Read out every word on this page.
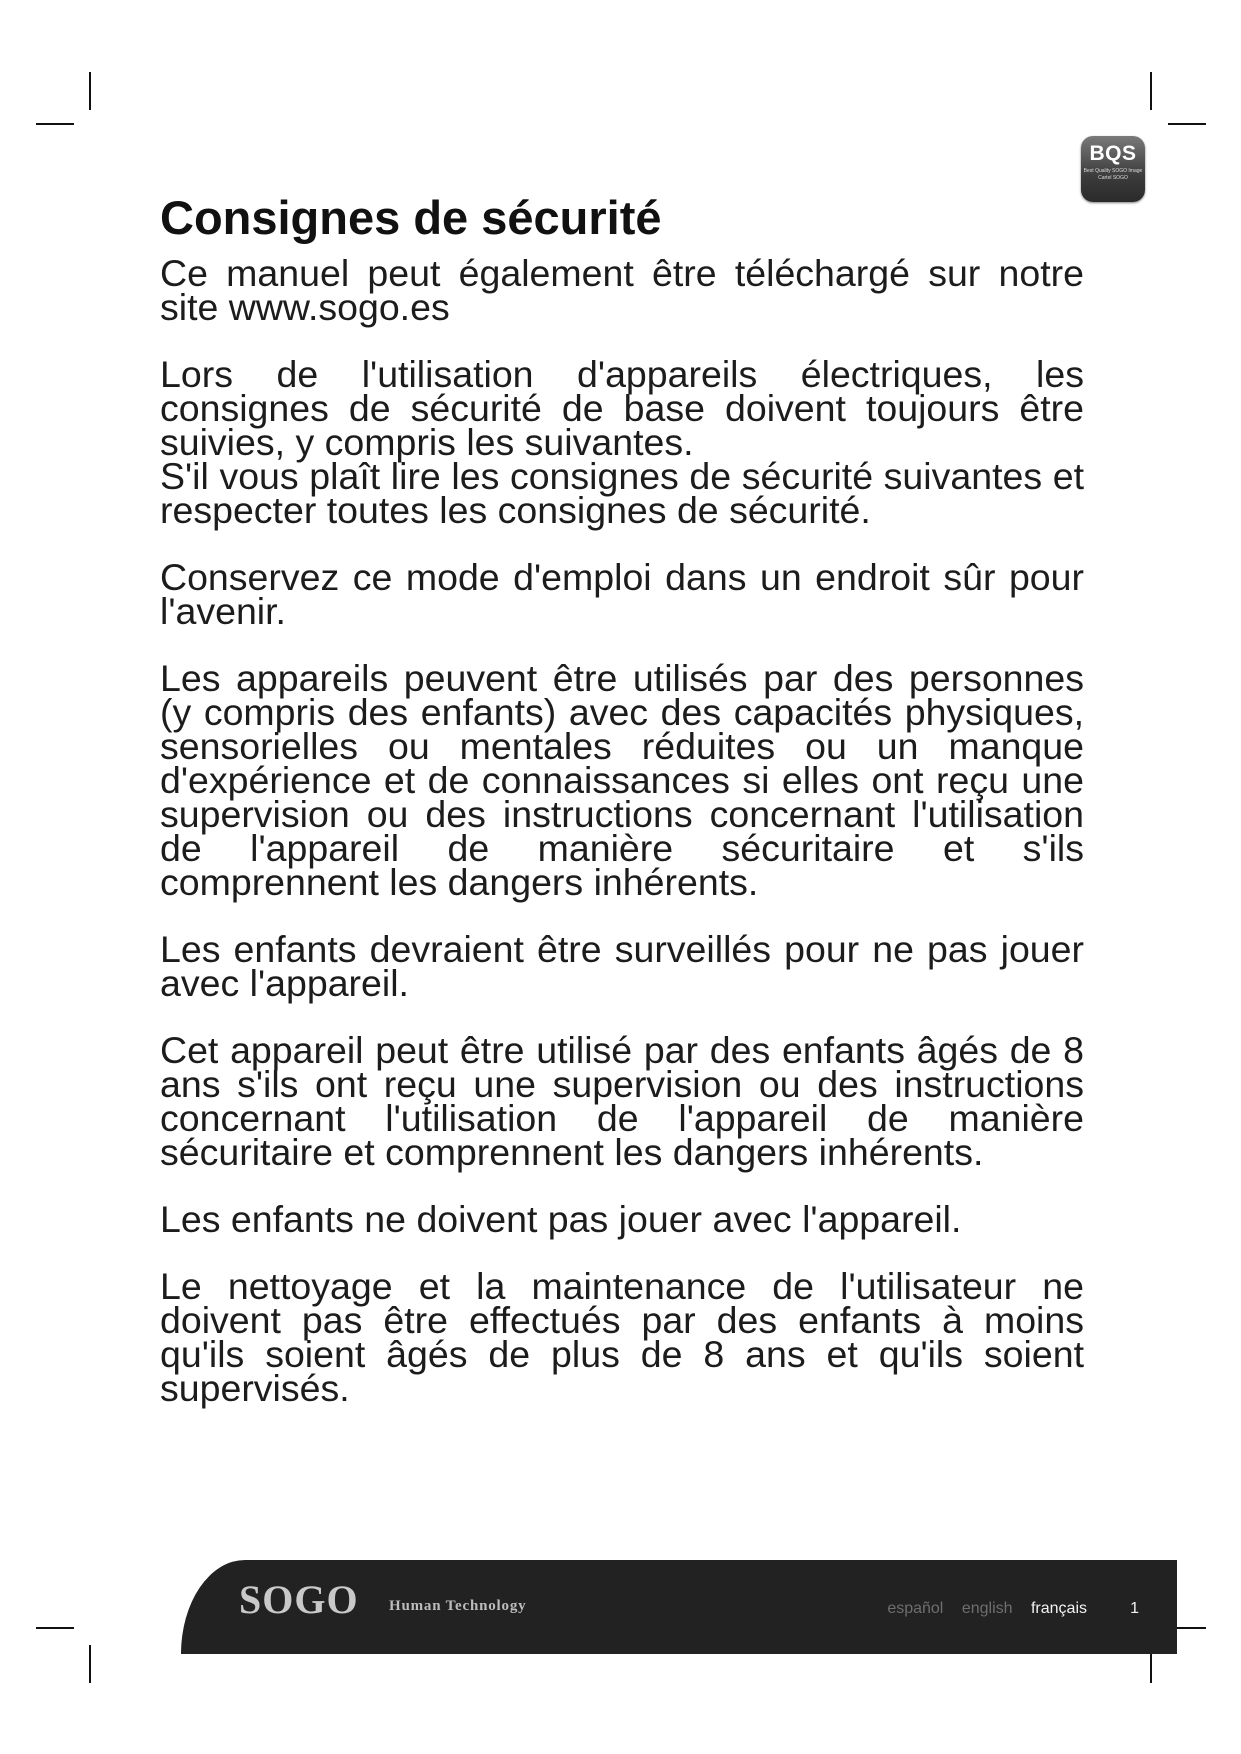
BQS
Best Quality SOGO Image Cartel SOGO
Consignes de sécurité

Ce manuel peut également être téléchargé sur notre site www.sogo.es

Lors de l'utilisation d'appareils électriques, les consignes de sécurité de base doivent toujours être suivies, y compris les suivantes.

S'il vous plaît lire les consignes de sécurité suivantes et respecter toutes les consignes de sécurité.

Conservez ce mode d'emploi dans un endroit sûr pour l'avenir.

Les appareils peuvent être utilisés par des personnes (y compris des enfants) avec des capacités physiques, sensorielles ou mentales réduites ou un manque d'expérience et de connaissances si elles ont reçu une supervision ou des instructions concernant l'utilisation de l'appareil de manière sécuritaire et s'ils comprennent les dangers inhérents.

Les enfants devraient être surveillés pour ne pas jouer avec l'appareil.

Cet appareil peut être utilisé par des enfants âgés de 8 ans s'ils ont reçu une supervision ou des instructions concernant l'utilisation de l'appareil de manière sécuritaire et comprennent les dangers inhérents.

Les enfants ne doivent pas jouer avec l'appareil.

Le nettoyage et la maintenance de l'utilisateur ne doivent pas être effectués par des enfants à moins qu'ils soient âgés de plus de 8 ans et qu'ils soient supervisés.

SOGO Human Technology	español english français	1
